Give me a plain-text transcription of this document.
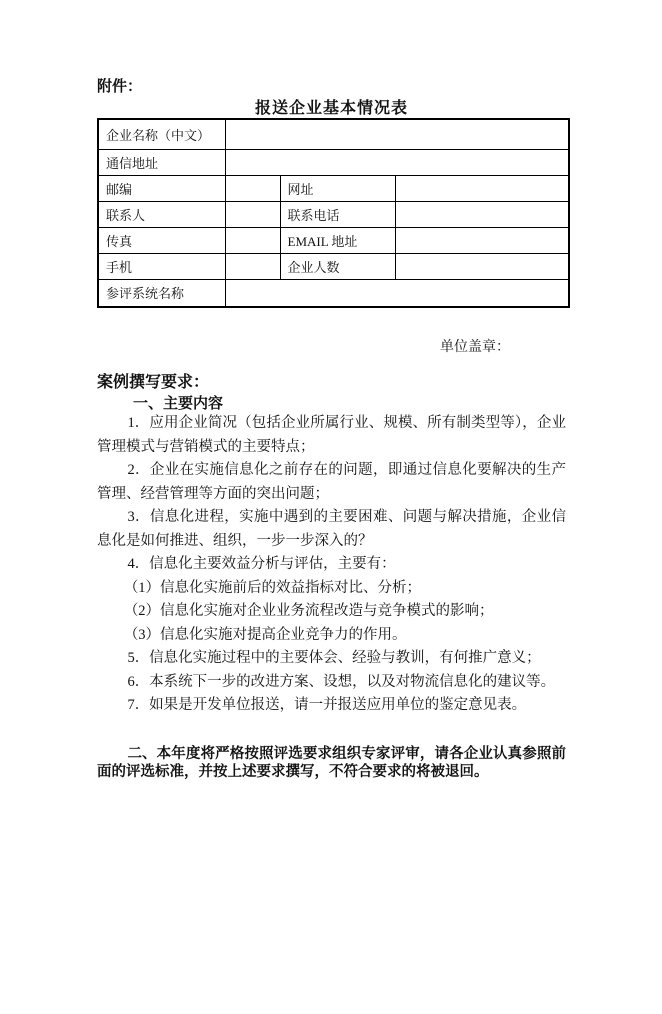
附件：
报送企业基本情况表
企业名称（中文）			
通信地址			
邮编		网址	
联系人		联系电话	
传真		EMAIL 地址	
手机		企业人数	
参评系统名称			
单位盖章：
案例撰写要求：
一、主要内容

1．应用企业简况（包括企业所属行业、规模、所有制类型等），企业管理模式与营销模式的主要特点；

2．企业在实施信息化之前存在的问题，即通过信息化要解决的生产管理、经营管理等方面的突出问题；

3．信息化进程，实施中遇到的主要困难、问题与解决措施，企业信息化是如何推进、组织，一步一步深入的？

4．信息化主要效益分析与评估，主要有：

（1）信息化实施前后的效益指标对比、分析；

（2）信息化实施对企业业务流程改造与竞争模式的影响；

（3）信息化实施对提高企业竞争力的作用。

5．信息化实施过程中的主要体会、经验与教训，有何推广意义；

6．本系统下一步的改进方案、设想，以及对物流信息化的建议等。

7．如果是开发单位报送，请一并报送应用单位的鉴定意见表。

二、本年度将严格按照评选要求组织专家评审，请各企业认真参照前面的评选标准，并按上述要求撰写，不符合要求的将被退回。
